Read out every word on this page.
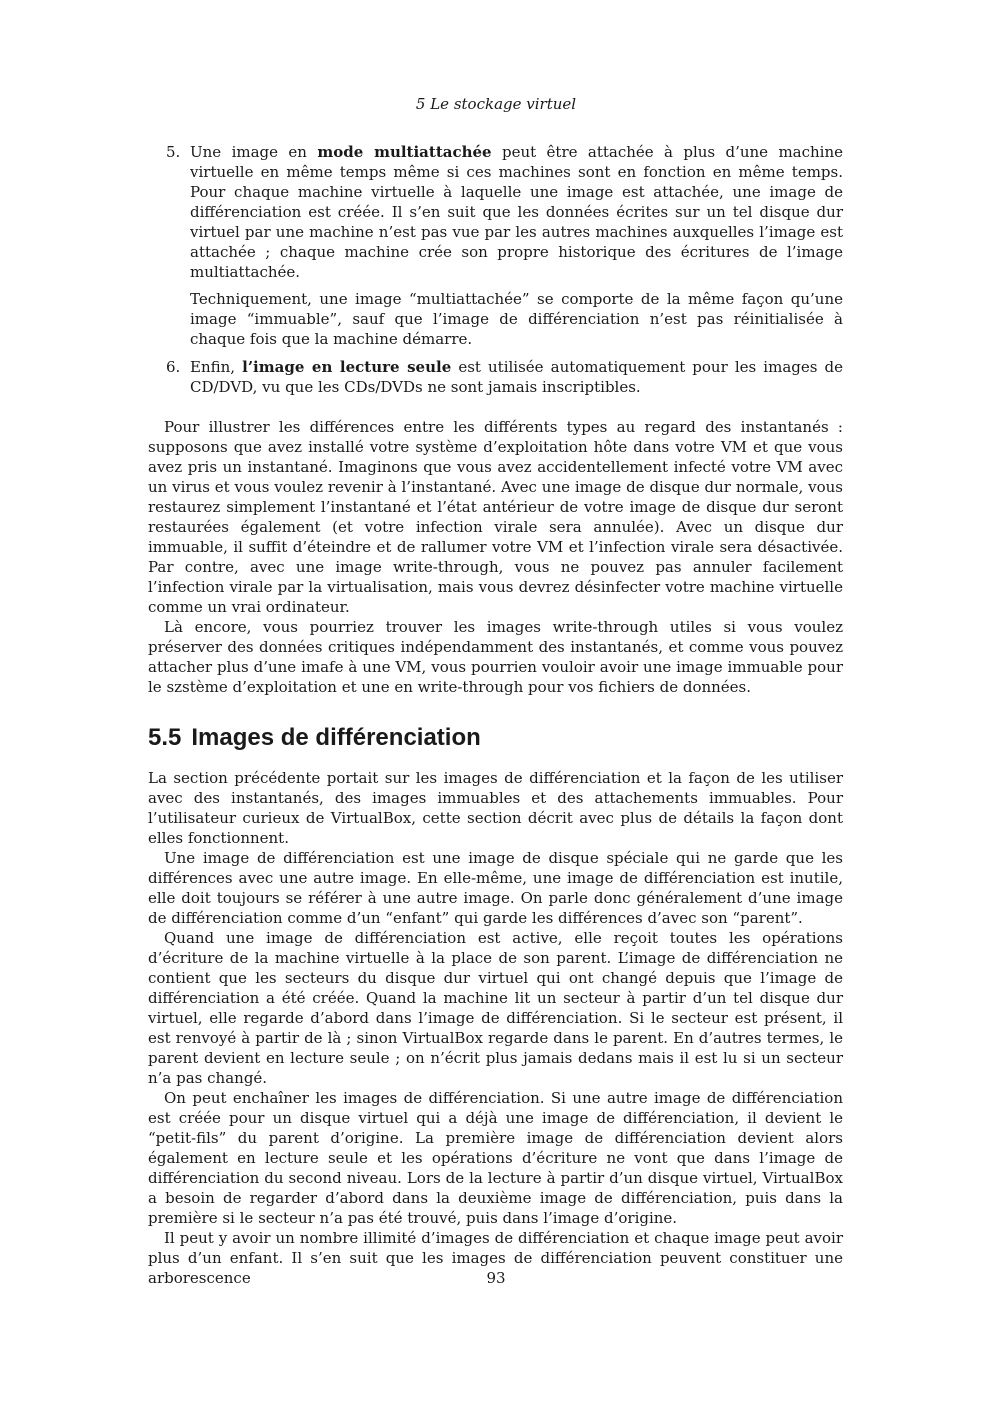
5 Le stockage virtuel
5. Une image en mode multiattachée peut être attachée à plus d’une machine virtuelle en même temps même si ces machines sont en fonction en même temps. Pour chaque machine virtuelle à laquelle une image est attachée, une image de différenciation est créée. Il s’en suit que les données écrites sur un tel disque dur virtuel par une machine n’est pas vue par les autres machines auxquelles l’image est attachée ; chaque machine crée son propre historique des écritures de l’image multiattachée.

Techniquement, une image “multiattachée” se comporte de la même façon qu’une image “immuable”, sauf que l’image de différenciation n’est pas réinitialisée à chaque fois que la machine démarre.

6. Enfin, l’image en lecture seule est utilisée automatiquement pour les images de CD/DVD, vu que les CDs/DVDs ne sont jamais inscriptibles.

Pour illustrer les différences entre les différents types au regard des instantanés : supposons que avez installé votre système d’exploitation hôte dans votre VM et que vous avez pris un instantané. Imaginons que vous avez accidentellement infecté votre VM avec un virus et vous voulez revenir à l’instantané. Avec une image de disque dur normale, vous restaurez simplement l’instantané et l’état antérieur de votre image de disque dur seront restaurées également (et votre infection virale sera annulée). Avec un disque dur immuable, il suffit d’éteindre et de rallumer votre VM et l’infection virale sera désactivée. Par contre, avec une image write-through, vous ne pouvez pas annuler facilement l’infection virale par la virtualisation, mais vous devrez désinfecter votre machine virtuelle comme un vrai ordinateur.

Là encore, vous pourriez trouver les images write-through utiles si vous voulez préserver des données critiques indépendamment des instantanés, et comme vous pouvez attacher plus d’une imafe à une VM, vous pourrien vouloir avoir une image immuable pour le szstème d’exploitation et une en write-through pour vos fichiers de données.

5.5 Images de différenciation

La section précédente portait sur les images de différenciation et la façon de les utiliser avec des instantanés, des images immuables et des attachements immuables. Pour l’utilisateur curieux de VirtualBox, cette section décrit avec plus de détails la façon dont elles fonctionnent.

Une image de différenciation est une image de disque spéciale qui ne garde que les différences avec une autre image. En elle-même, une image de différenciation est inutile, elle doit toujours se référer à une autre image. On parle donc généralement d’une image de différenciation comme d’un “enfant” qui garde les différences d’avec son “parent”.

Quand une image de différenciation est active, elle reçoit toutes les opérations d’écriture de la machine virtuelle à la place de son parent. L’image de différenciation ne contient que les secteurs du disque dur virtuel qui ont changé depuis que l’image de différenciation a été créée. Quand la machine lit un secteur à partir d’un tel disque dur virtuel, elle regarde d’abord dans l’image de différenciation. Si le secteur est présent, il est renvoyé à partir de là ; sinon VirtualBox regarde dans le parent. En d’autres termes, le parent devient en lecture seule ; on n’écrit plus jamais dedans mais il est lu si un secteur n’a pas changé.

On peut enchaîner les images de différenciation. Si une autre image de différenciation est créée pour un disque virtuel qui a déjà une image de différenciation, il devient le “petit-fils” du parent d’origine. La première image de différenciation devient alors également en lecture seule et les opérations d’écriture ne vont que dans l’image de différenciation du second niveau. Lors de la lecture à partir d’un disque virtuel, VirtualBox a besoin de regarder d’abord dans la deuxième image de différenciation, puis dans la première si le secteur n’a pas été trouvé, puis dans l’image d’origine.

Il peut y avoir un nombre illimité d’images de différenciation et chaque image peut avoir plus d’un enfant. Il s’en suit que les images de différenciation peuvent constituer une arborescence	93
